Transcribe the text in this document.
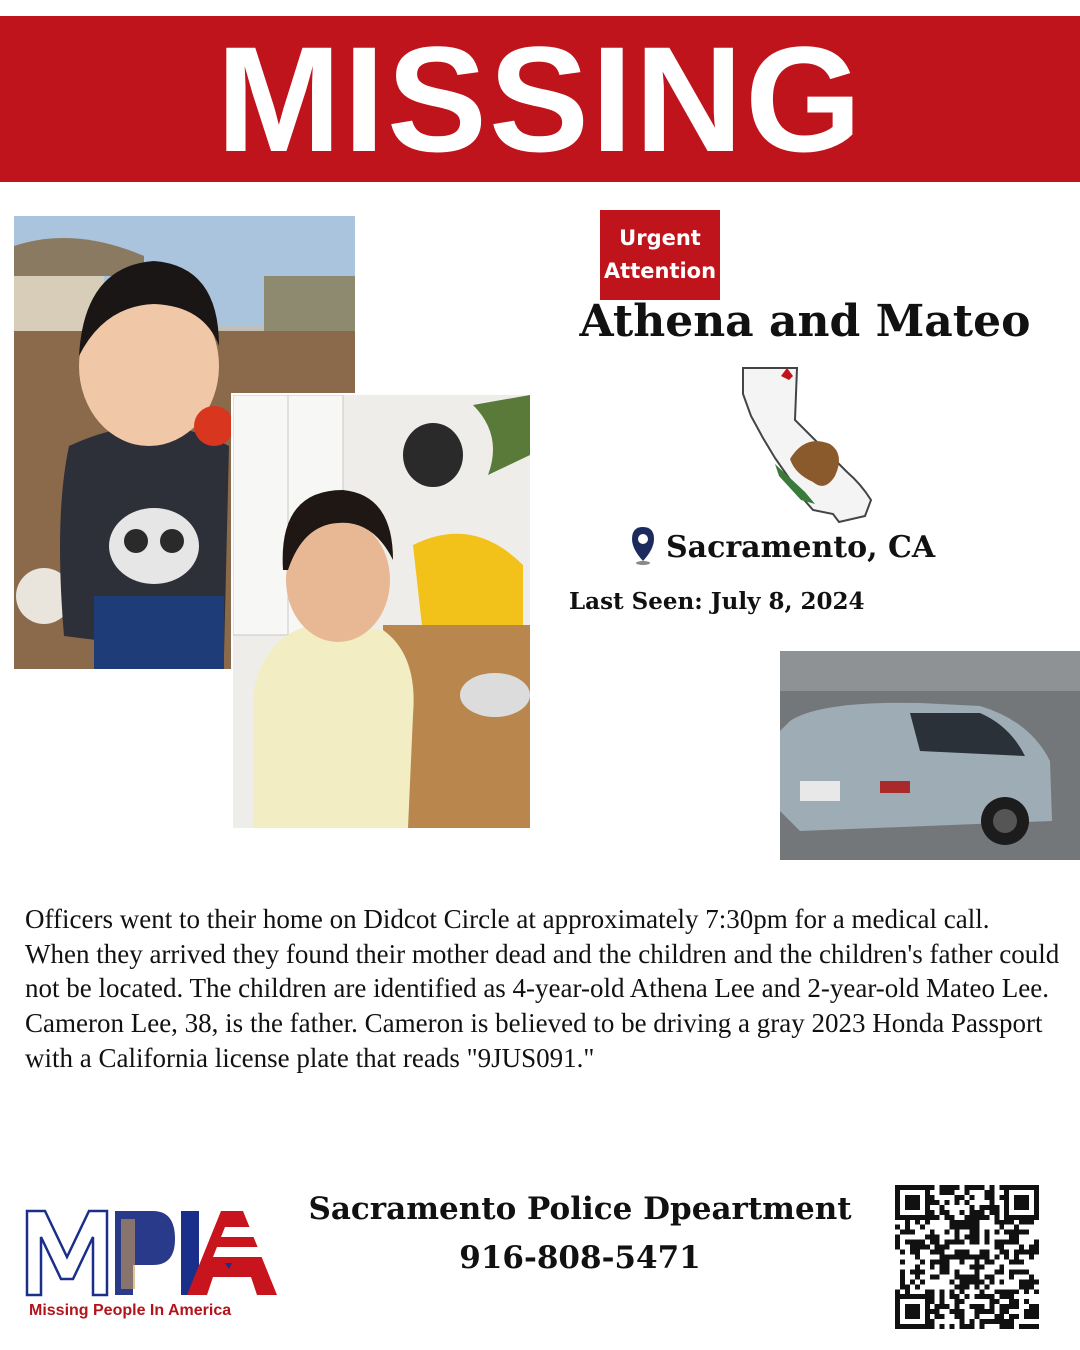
MISSING
Urgent
Attention
Athena and Mateo
Sacramento, CA
Last Seen: July 8, 2024
Officers went to their home on Didcot Circle at approximately 7:30pm for a medical call. When they arrived they found their mother dead and the children and the children's father could not be located. The children are identified as 4-year-old Athena Lee and 2-year-old Mateo Lee. Cameron Lee, 38, is the father. Cameron is believed to be driving a gray 2023 Honda Passport with a California license plate that reads "9JUS091."
Missing People In America
Sacramento Police Dpeartment
916-808-5471
